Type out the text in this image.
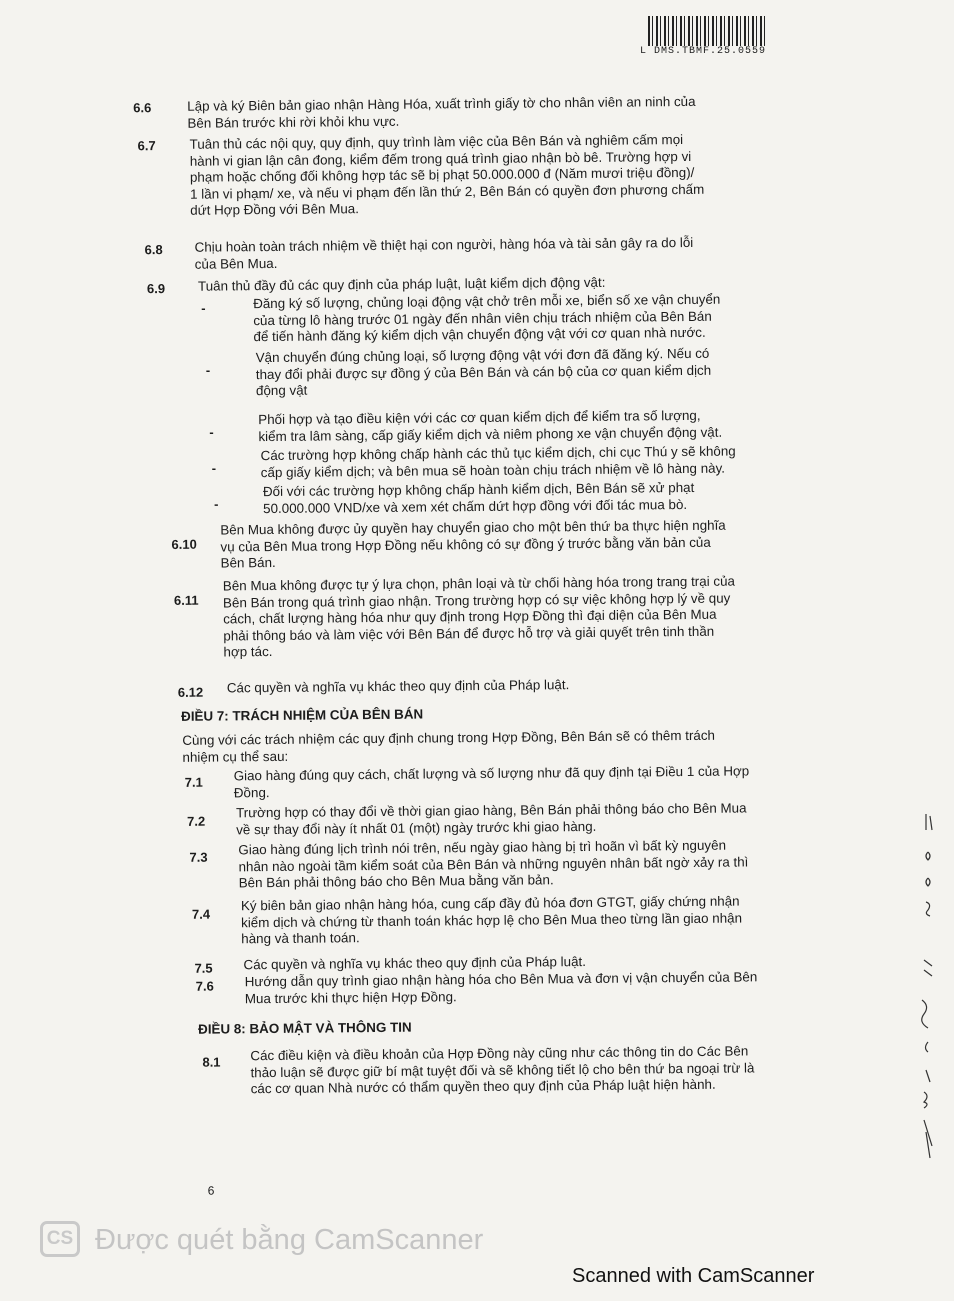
L DMS.TBMF.25.0559
6.6	Lập và ký Biên bản giao nhận Hàng Hóa, xuất trình giấy tờ cho nhân viên an ninh của
Bên Bán trước khi rời khỏi khu vực.
6.7	Tuân thủ các nội quy, quy định, quy trình làm việc của Bên Bán và nghiêm cấm mọi
hành vi gian lận cân đong, kiểm đếm trong quá trình giao nhận bò bê. Trường hợp vi
phạm hoặc chống đối không hợp tác sẽ bị phạt 50.000.000 đ (Năm mươi triệu đồng)/
1 lần vi phạm/ xe, và nếu vi phạm đến lần thứ 2, Bên Bán có quyền đơn phương chấm
dứt Hợp Đồng với Bên Mua.
6.8 Chịu hoàn toàn trách nhiệm về thiệt hại con người, hàng hóa và tài sản gây ra do lỗi
của Bên Mua.
6.9 Tuân thủ đầy đủ các quy định của pháp luật, luật kiểm dịch động vật:
-	Đăng ký số lượng, chủng loại động vật chở trên mỗi xe, biển số xe vận chuyển
của từng lô hàng trước 01 ngày đến nhân viên chịu trách nhiệm của Bên Bán
để tiến hành đăng ký kiểm dịch vận chuyển động vật với cơ quan nhà nước.
-
Vận chuyển đúng chủng loại, số lượng động vật với đơn đã đăng ký. Nếu có
thay đổi phải được sự đồng ý của Bên Bán và cán bộ của cơ quan kiểm dịch
động vật
-
Phối hợp và tạo điều kiện với các cơ quan kiểm dịch để kiểm tra số lượng,
kiểm tra lâm sàng, cấp giấy kiểm dịch và niêm phong xe vận chuyển động vật.
-
Các trường hợp không chấp hành các thủ tục kiểm dịch, chi cục Thú y sẽ không
cấp giấy kiểm dịch; và bên mua sẽ hoàn toàn chịu trách nhiệm về lô hàng này.
-
Đối với các trường hợp không chấp hành kiểm dịch, Bên Bán sẽ xử phạt
50.000.000 VND/xe và xem xét chấm dứt hợp đồng với đối tác mua bò.
6.10
Bên Mua không được ủy quyền hay chuyển giao cho một bên thứ ba thực hiện nghĩa
vụ của Bên Mua trong Hợp Đồng nếu không có sự đồng ý trước bằng văn bản của
Bên Bán.
6.11
Bên Mua không được tự ý lựa chọn, phân loại và từ chối hàng hóa trong trang trại của
Bên Bán trong quá trình giao nhận. Trong trường hợp có sự việc không hợp lý về quy
cách, chất lượng hàng hóa như quy định trong Hợp Đồng thì đại diện của Bên Mua
phải thông báo và làm việc với Bên Bán để được hỗ trợ và giải quyết trên tinh thần
hợp tác.
6.12 Các quyền và nghĩa vụ khác theo quy định của Pháp luật.
ĐIỀU 7: TRÁCH NHIỆM CỦA BÊN BÁN
Cùng với các trách nhiệm các quy định chung trong Hợp Đồng, Bên Bán sẽ có thêm trách
nhiệm cụ thể sau:
7.1 Giao hàng đúng quy cách, chất lượng và số lượng như đã quy định tại Điều 1 của Hợp
Đồng.
7.2
Trường hợp có thay đổi về thời gian giao hàng, Bên Bán phải thông báo cho Bên Mua
về sự thay đổi này ít nhất 01 (một) ngày trước khi giao hàng.
7.3 Giao hàng đúng lịch trình nói trên, nếu ngày giao hàng bị trì hoãn vì bất kỳ nguyên
nhân nào ngoài tầm kiểm soát của Bên Bán và những nguyên nhân bất ngờ xảy ra thì
Bên Bán phải thông báo cho Bên Mua bằng văn bản.
7.4
Ký biên bản giao nhận hàng hóa, cung cấp đầy đủ hóa đơn GTGT, giấy chứng nhận
kiểm dịch và chứng từ thanh toán khác hợp lệ cho Bên Mua theo từng lần giao nhận
hàng và thanh toán.
7.5 Các quyền và nghĩa vụ khác theo quy định của Pháp luật.
7.6 Hướng dẫn quy trình giao nhận hàng hóa cho Bên Mua và đơn vị vận chuyển của Bên
Mua trước khi thực hiện Hợp Đồng.
ĐIỀU 8: BẢO MẬT VÀ THÔNG TIN
8.1 Các điều kiện và điều khoản của Hợp Đồng này cũng như các thông tin do Các Bên
thảo luận sẽ được giữ bí mật tuyệt đối và sẽ không tiết lộ cho bên thứ ba ngoại trừ là
các cơ quan Nhà nước có thẩm quyền theo quy định của Pháp luật hiện hành.
6
CS Được quét bằng CamScanner
Scanned with CamScanner
